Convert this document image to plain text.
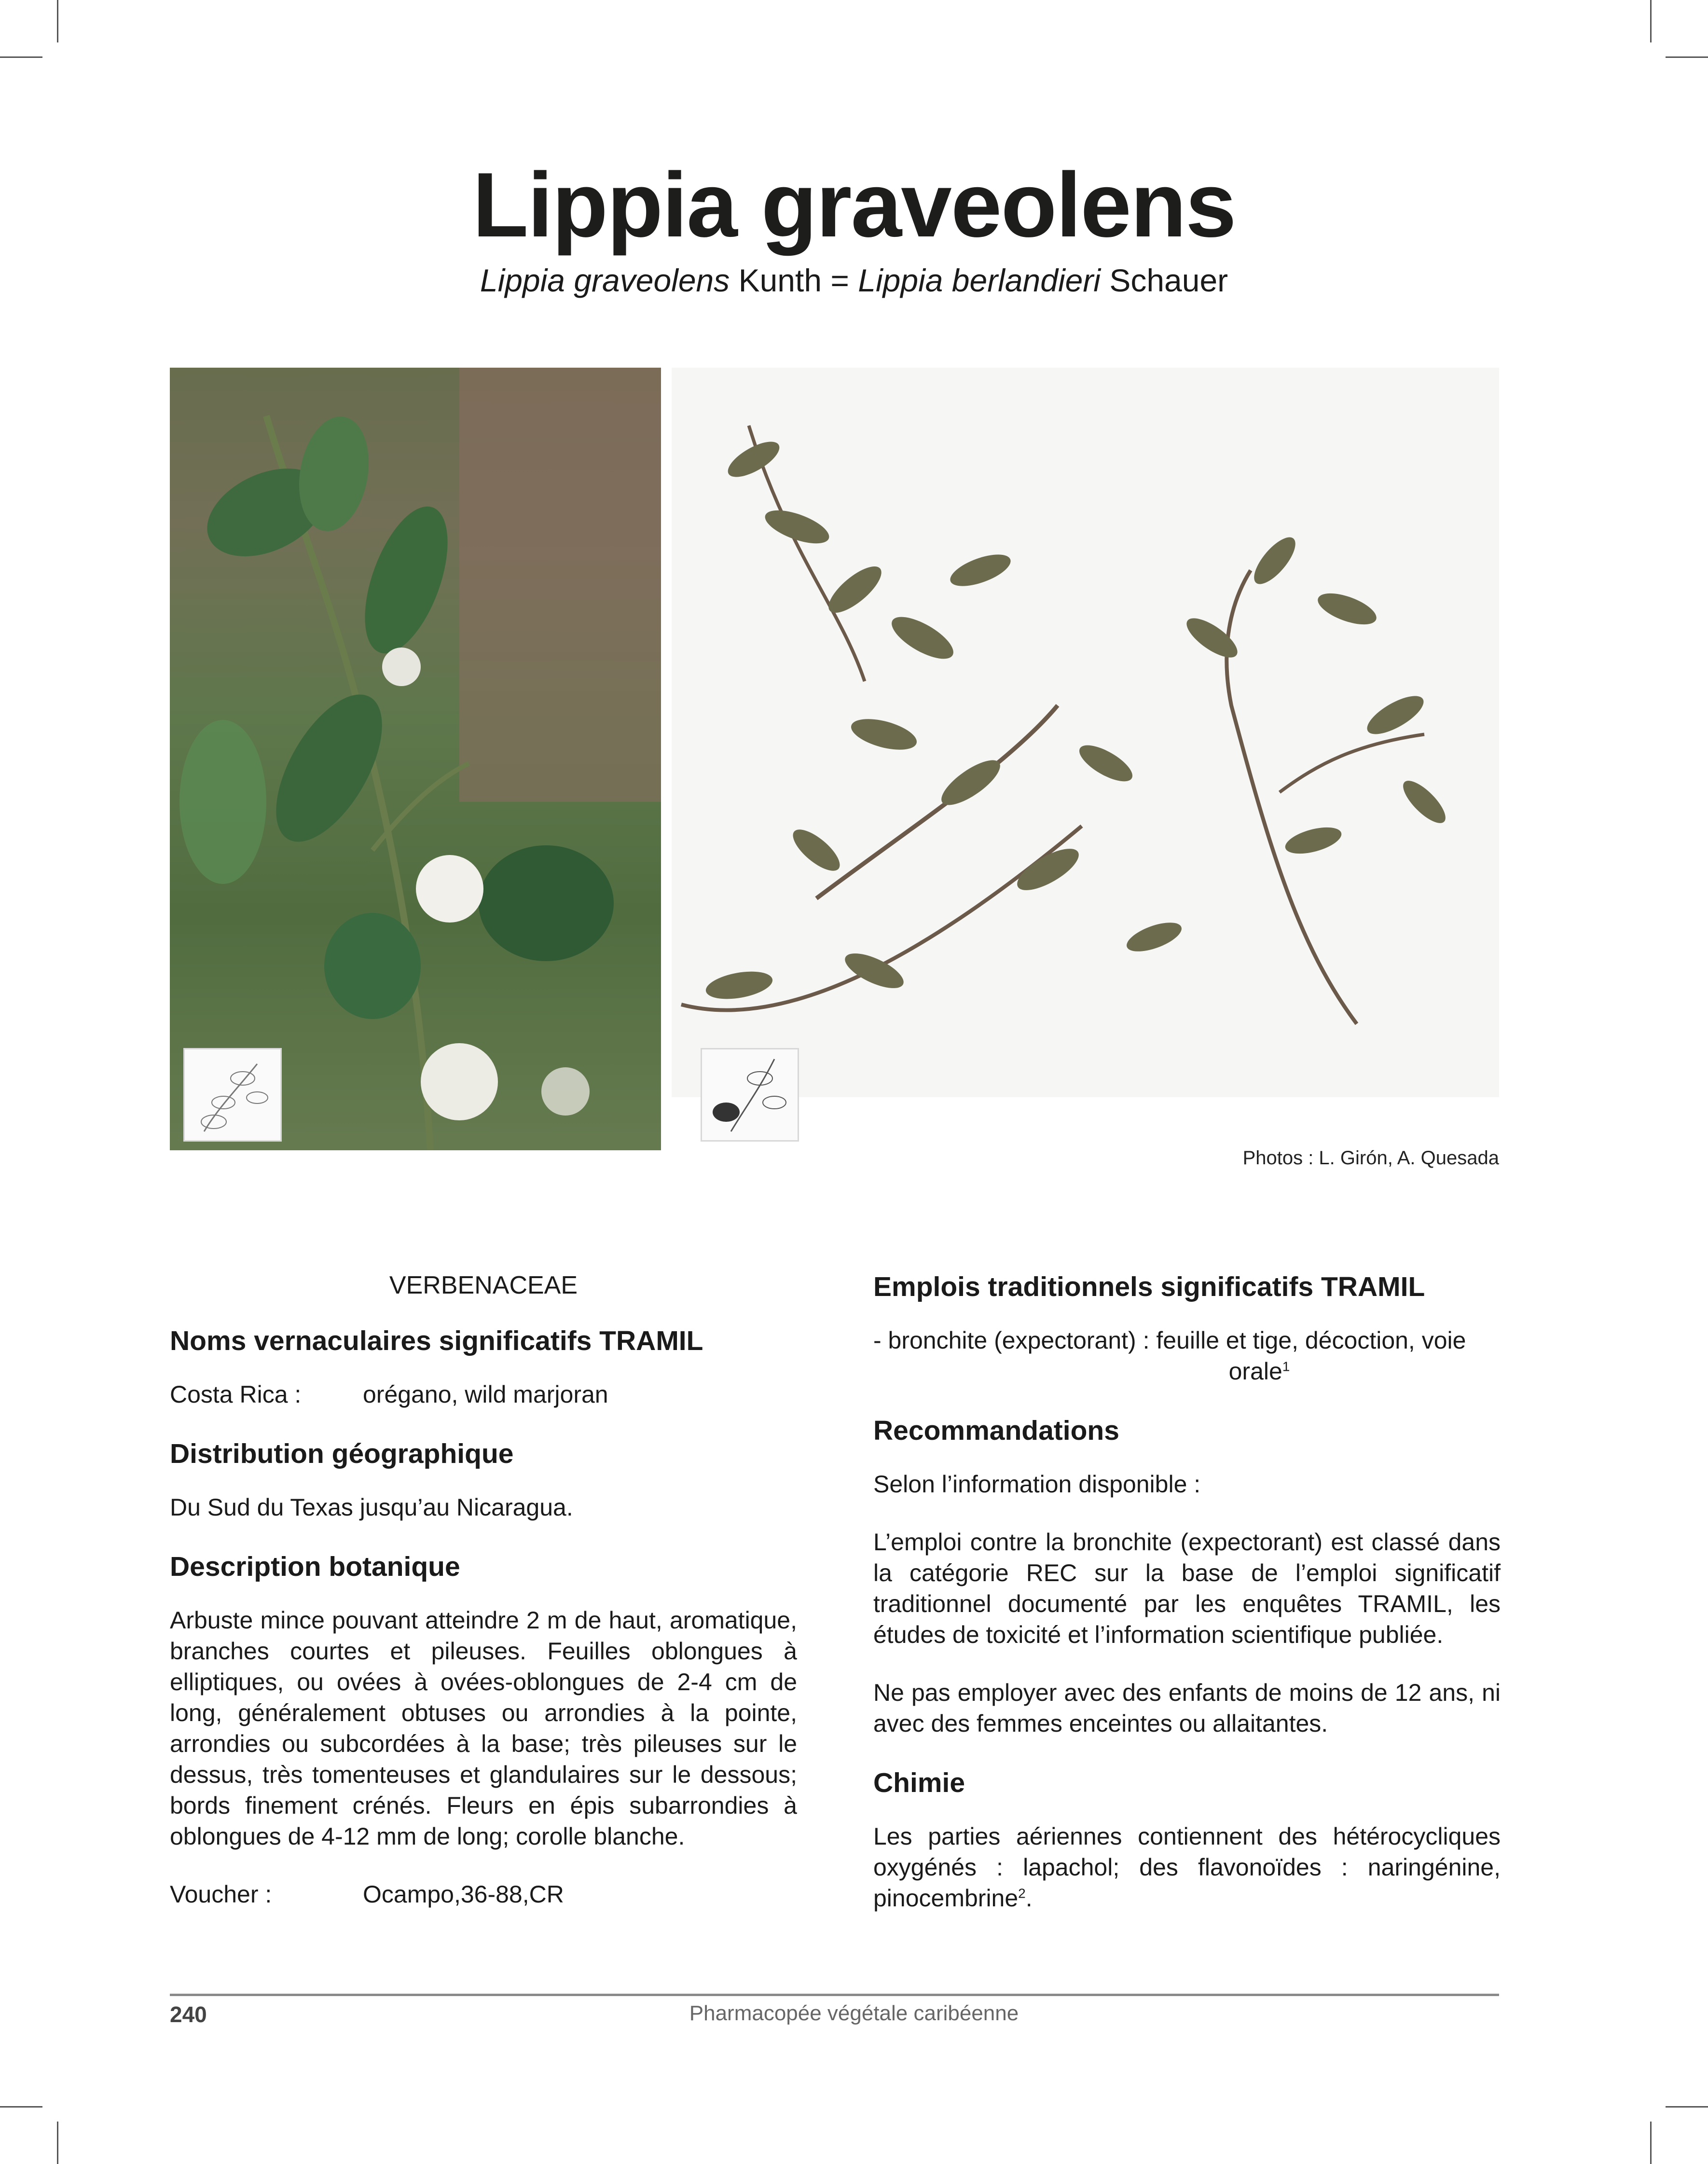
Lippia graveolens
Lippia graveolens Kunth = Lippia berlandieri Schauer
Photos : L. Girón, A. Quesada
VERBENACEAE
Noms vernaculaires significatifs TRAMIL
Costa Rica :	orégano, wild marjoran
Distribution géographique

Du Sud du Texas jusqu’au Nicaragua.

Description botanique

Arbuste mince pouvant atteindre 2 m de haut, aromatique, branches courtes et pileuses. Feuilles oblongues à elliptiques, ou ovées à ovées-oblongues de 2-4 cm de long, généralement obtuses ou arrondies à la pointe, arrondies ou subcordées à la base; très pileuses sur le dessus, très tomenteuses et glandulaires sur le dessous; bords finement crénés. Fleurs en épis subarrondies à oblongues de 4-12 mm de long; corolle blanche.

Voucher :	Ocampo,36-88,CR
Emplois traditionnels significatifs TRAMIL

- bronchite (expectorant) : feuille et tige, décoction, voie
orale$^1$

Recommandations

Selon l’information disponible :

L’emploi contre la bronchite (expectorant) est classé dans la catégorie REC sur la base de l’emploi significatif traditionnel documenté par les enquêtes TRAMIL, les études de toxicité et l’information scientifique publiée.

Ne pas employer avec des enfants de moins de 12 ans, ni avec des femmes enceintes ou allaitantes.

Chimie

Les parties aériennes contiennent des hétérocycliques oxygénés : lapachol; des flavonoïdes : naringénine, pinocembrine$^2$.

240	Pharmacopée végétale caribéenne
